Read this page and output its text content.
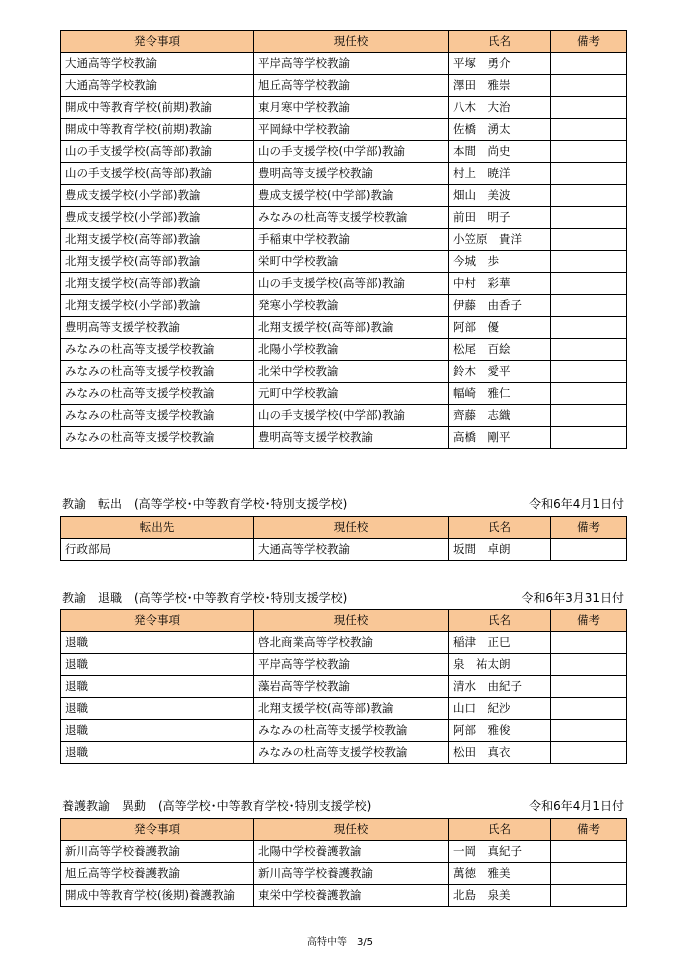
発令事項	現任校	氏名	備考
大通高等学校教諭	平岸高等学校教諭	平塚　勇介	
大通高等学校教諭	旭丘高等学校教諭	澤田　雅崇	
開成中等教育学校(前期)教諭	東月寒中学校教諭	八木　大治	
開成中等教育学校(前期)教諭	平岡緑中学校教諭	佐橋　湧太	
山の手支援学校(高等部)教諭	山の手支援学校(中学部)教諭	本間　尚史	
山の手支援学校(高等部)教諭	豊明高等支援学校教諭	村上　暁洋	
豊成支援学校(小学部)教諭	豊成支援学校(中学部)教諭	畑山　美波	
豊成支援学校(小学部)教諭	みなみの杜高等支援学校教諭	前田　明子	
北翔支援学校(高等部)教諭	手稲東中学校教諭	小笠原　貴洋	
北翔支援学校(高等部)教諭	栄町中学校教諭	今城　歩	
北翔支援学校(高等部)教諭	山の手支援学校(高等部)教諭	中村　彩華	
北翔支援学校(小学部)教諭	発寒小学校教諭	伊藤　由香子	
豊明高等支援学校教諭	北翔支援学校(高等部)教諭	阿部　優	
みなみの杜高等支援学校教諭	北陽小学校教諭	松尾　百絵	
みなみの杜高等支援学校教諭	北栄中学校教諭	鈴木　愛平	
みなみの杜高等支援学校教諭	元町中学校教諭	幅崎　雅仁	
みなみの杜高等支援学校教諭	山の手支援学校(中学部)教諭	齊藤　志織	
みなみの杜高等支援学校教諭	豊明高等支援学校教諭	高橋　剛平	
教諭　転出　(高等学校･中等教育学校･特別支援学校)	令和6年4月1日付
転出先	現任校	氏名	備考
行政部局	大通高等学校教諭	坂間　卓朗	
教諭　退職　(高等学校･中等教育学校･特別支援学校)	令和6年3月31日付
発令事項	現任校	氏名	備考
退職	啓北商業高等学校教諭	稲津　正巳	
退職	平岸高等学校教諭	泉　祐太朗	
退職	藻岩高等学校教諭	清水　由紀子	
退職	北翔支援学校(高等部)教諭	山口　紀沙	
退職	みなみの杜高等支援学校教諭	阿部　雅俊	
退職	みなみの杜高等支援学校教諭	松田　真衣	
養護教諭　異動　(高等学校･中等教育学校･特別支援学校)	令和6年4月1日付
発令事項	現任校	氏名	備考
新川高等学校養護教諭	北陽中学校養護教諭	一岡　真紀子	
旭丘高等学校養護教諭	新川高等学校養護教諭	萬徳　雅美	
開成中等教育学校(後期)養護教諭	東栄中学校養護教諭	北島　泉美	
高特中等　3/5
